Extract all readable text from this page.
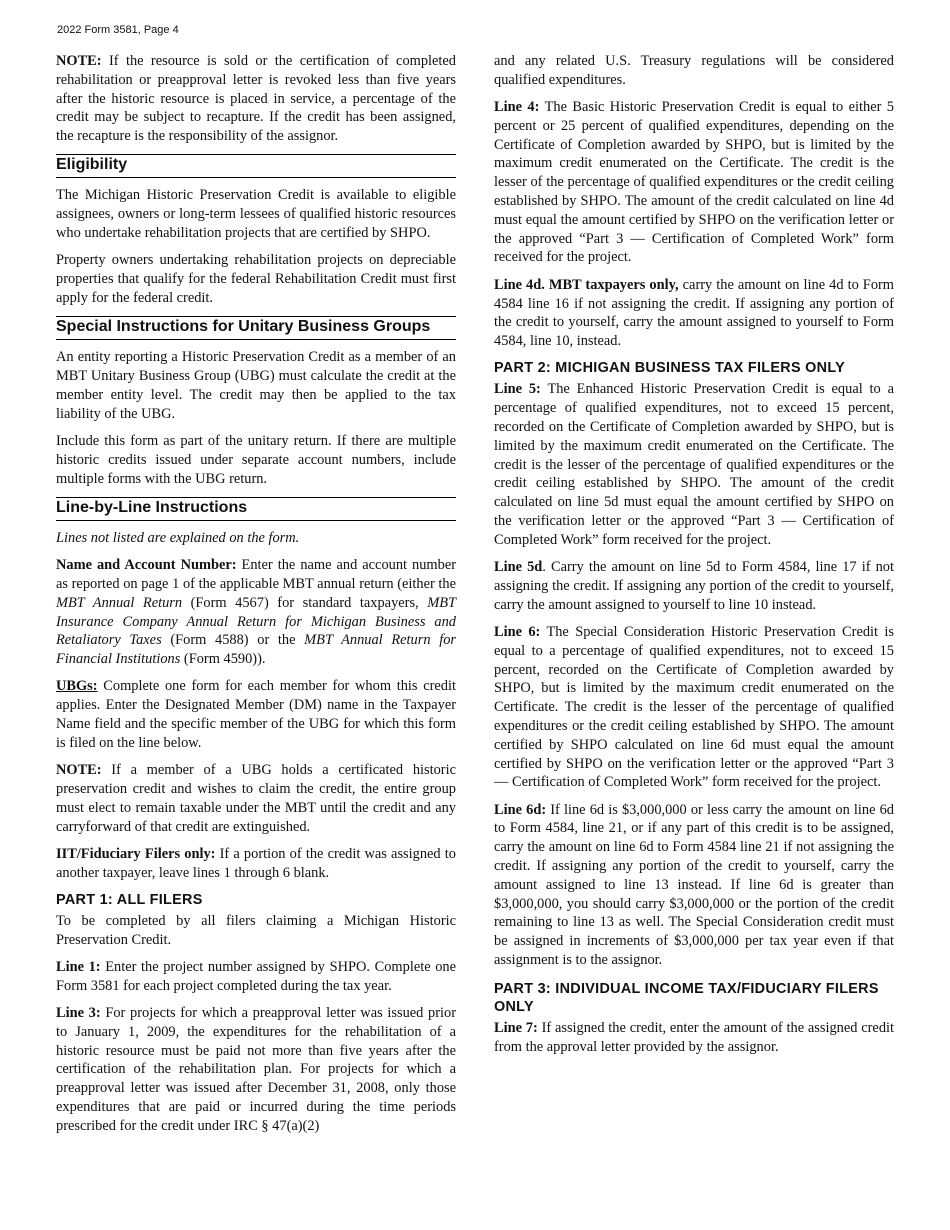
2022 Form 3581, Page 4

NOTE: If the resource is sold or the certification of completed rehabilitation or preapproval letter is revoked less than five years after the historic resource is placed in service, a percentage of the credit may be subject to recapture. If the credit has been assigned, the recapture is the responsibility of the assignor.

Eligibility

The Michigan Historic Preservation Credit is available to eligible assignees, owners or long-term lessees of qualified historic resources who undertake rehabilitation projects that are certified by SHPO.

Property owners undertaking rehabilitation projects on depreciable properties that qualify for the federal Rehabilitation Credit must first apply for the federal credit.

Special Instructions for Unitary Business Groups

An entity reporting a Historic Preservation Credit as a member of an MBT Unitary Business Group (UBG) must calculate the credit at the member entity level. The credit may then be applied to the tax liability of the UBG.

Include this form as part of the unitary return. If there are multiple historic credits issued under separate account numbers, include multiple forms with the UBG return.

Line-by-Line Instructions

Lines not listed are explained on the form.

Name and Account Number: Enter the name and account number as reported on page 1 of the applicable MBT annual return (either the MBT Annual Return (Form 4567) for standard taxpayers, MBT Insurance Company Annual Return for Michigan Business and Retaliatory Taxes (Form 4588) or the MBT Annual Return for Financial Institutions (Form 4590)).

UBGs: Complete one form for each member for whom this credit applies. Enter the Designated Member (DM) name in the Taxpayer Name field and the specific member of the UBG for which this form is filed on the line below.

NOTE: If a member of a UBG holds a certificated historic preservation credit and wishes to claim the credit, the entire group must elect to remain taxable under the MBT until the credit and any carryforward of that credit are extinguished.

IIT/Fiduciary Filers only: If a portion of the credit was assigned to another taxpayer, leave lines 1 through 6 blank.

PART 1: ALL FILERS

To be completed by all filers claiming a Michigan Historic Preservation Credit.

Line 1: Enter the project number assigned by SHPO. Complete one Form 3581 for each project completed during the tax year.

Line 3: For projects for which a preapproval letter was issued prior to January 1, 2009, the expenditures for the rehabilitation of a historic resource must be paid not more than five years after the certification of the rehabilitation plan. For projects for which a preapproval letter was issued after December 31, 2008, only those expenditures that are paid or incurred during the time periods prescribed for the credit under IRC § 47(a)(2)

and any related U.S. Treasury regulations will be considered qualified expenditures.

Line 4: The Basic Historic Preservation Credit is equal to either 5 percent or 25 percent of qualified expenditures, depending on the Certificate of Completion awarded by SHPO, but is limited by the maximum credit enumerated on the Certificate. The credit is the lesser of the percentage of qualified expenditures or the credit ceiling established by SHPO. The amount of the credit calculated on line 4d must equal the amount certified by SHPO on the verification letter or the approved “Part 3 — Certification of Completed Work” form received for the project.

Line 4d. MBT taxpayers only, carry the amount on line 4d to Form 4584 line 16 if not assigning the credit. If assigning any portion of the credit to yourself, carry the amount assigned to yourself to Form 4584, line 10, instead.

PART 2: MICHIGAN BUSINESS TAX FILERS ONLY

Line 5: The Enhanced Historic Preservation Credit is equal to a percentage of qualified expenditures, not to exceed 15 percent, recorded on the Certificate of Completion awarded by SHPO, but is limited by the maximum credit enumerated on the Certificate. The credit is the lesser of the percentage of qualified expenditures or the credit ceiling established by SHPO. The amount of the credit calculated on line 5d must equal the amount certified by SHPO on the verification letter or the approved “Part 3 — Certification of Completed Work” form received for the project.

Line 5d. Carry the amount on line 5d to Form 4584, line 17 if not assigning the credit. If assigning any portion of the credit to yourself, carry the amount assigned to yourself to line 10 instead.

Line 6: The Special Consideration Historic Preservation Credit is equal to a percentage of qualified expenditures, not to exceed 15 percent, recorded on the Certificate of Completion awarded by SHPO, but is limited by the maximum credit enumerated on the Certificate. The credit is the lesser of the percentage of qualified expenditures or the credit ceiling established by SHPO. The amount certified by SHPO calculated on line 6d must equal the amount certified by SHPO on the verification letter or the approved “Part 3 — Certification of Completed Work” form received for the project.

Line 6d: If line 6d is $3,000,000 or less carry the amount on line 6d to Form 4584, line 21, or if any part of this credit is to be assigned, carry the amount on line 6d to Form 4584 line 21 if not assigning the credit. If assigning any portion of the credit to yourself, carry the amount assigned to line 13 instead. If line 6d is greater than $3,000,000, you should carry $3,000,000 or the portion of the credit remaining to line 13 as well. The Special Consideration credit must be assigned in increments of $3,000,000 per tax year even if that assignment is to the assignor.

PART 3: INDIVIDUAL INCOME TAX/FIDUCIARY FILERS ONLY

Line 7: If assigned the credit, enter the amount of the assigned credit from the approval letter provided by the assignor.
